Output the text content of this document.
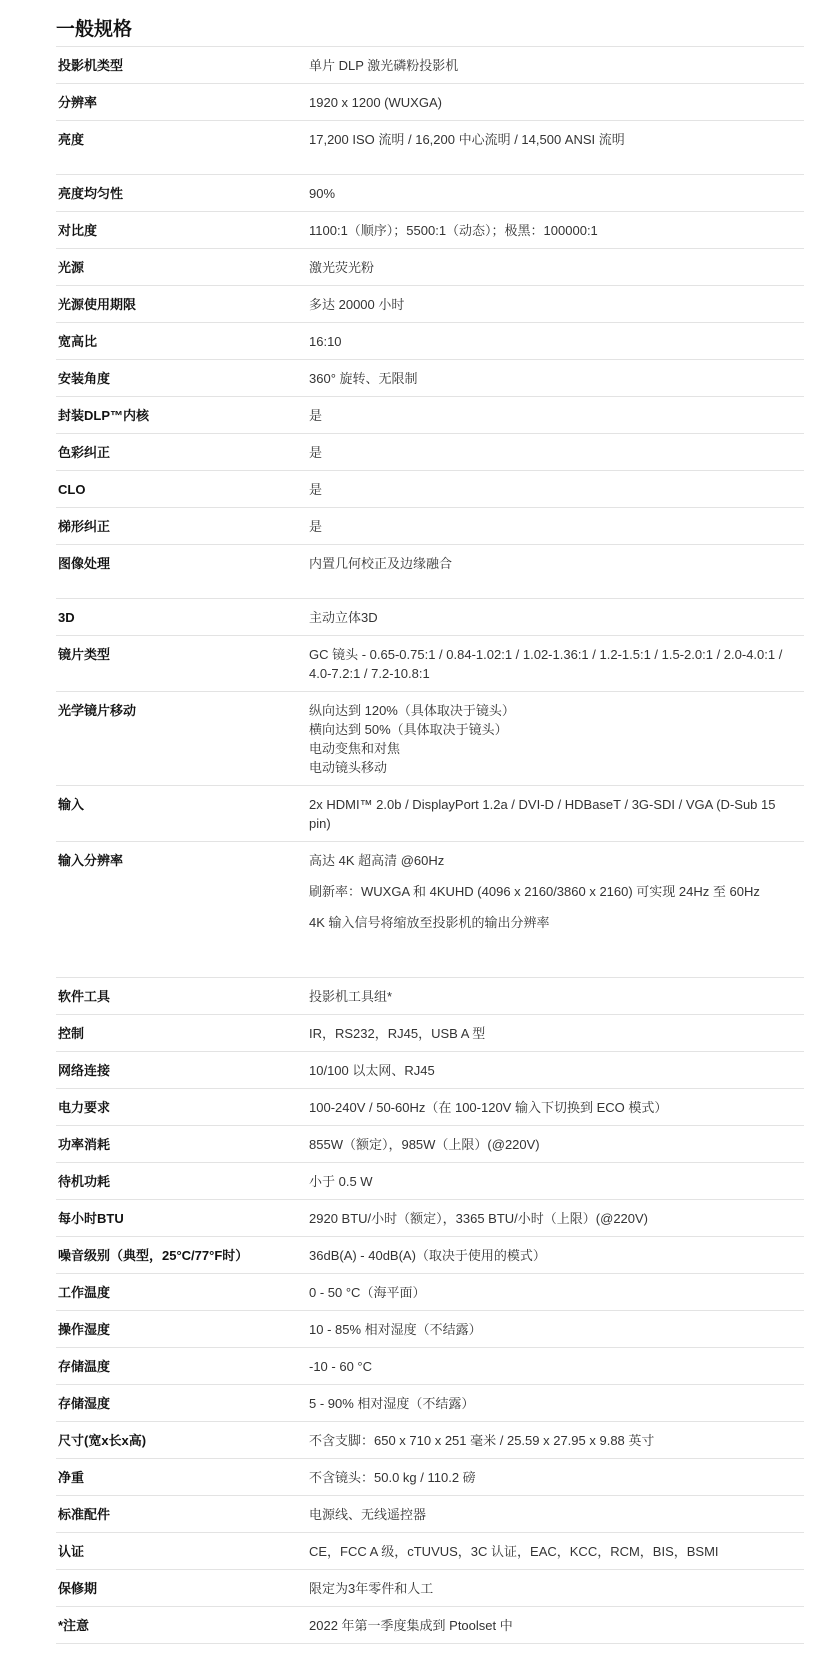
一般规格
投影机类型	单片 DLP 激光磷粉投影机
分辨率	1920 x 1200 (WUXGA)
亮度	17,200 ISO 流明 / 16,200 中心流明 / 14,500 ANSI 流明
亮度均匀性	90%
对比度	1100:1（顺序）；5500:1（动态）；极黑：100000:1
光源	激光荧光粉
光源使用期限	多达 20000 小时
宽高比	16:10
安装角度	360° 旋转、无限制
封装DLP™内核	是
色彩纠正	是
CLO	是
梯形纠正	是
图像处理	内置几何校正及边缘融合
3D	主动立体3D
镜片类型	GC 镜头 - 0.65-0.75:1 / 0.84-1.02:1 / 1.02-1.36:1 / 1.2-1.5:1 / 1.5-2.0:1 / 2.0-4.0:1 / 4.0-7.2:1 / 7.2-10.8:1
光学镜片移动	纵向达到 120%（具体取决于镜头）

横向达到 50%（具体取决于镜头）

电动变焦和对焦

电动镜头移动

输入	2x HDMI™ 2.0b / DisplayPort 1.2a / DVI-D / HDBaseT / 3G-SDI / VGA (D-Sub 15 pin)
输入分辨率	高达 4K 超高清 @60Hz

刷新率：WUXGA 和 4KUHD (4096 x 2160/3860 x 2160) 可实现 24Hz 至 60Hz

4K 输入信号将缩放至投影机的输出分辨率

软件工具	投影机工具组*
控制	IR，RS232，RJ45，USB A 型
网络连接	10/100 以太网、RJ45
电力要求	100-240V / 50-60Hz（在 100-120V 输入下切换到 ECO 模式）
功率消耗	855W（额定），985W（上限）(@220V)
待机功耗	小于 0.5 W
每小时BTU	2920 BTU/小时（额定），3365 BTU/小时（上限）(@220V)
噪音级别（典型，25°C/77°F时）	36dB(A) - 40dB(A)（取决于使用的模式）
工作温度	0 - 50 °C（海平面）
操作湿度	10 - 85% 相对湿度（不结露）
存储温度	-10 - 60 °C
存储湿度	5 - 90% 相对湿度（不结露）
尺寸(宽x长x高)	不含支脚：650 x 710 x 251 毫米 / 25.59 x 27.95 x 9.88 英寸
净重	不含镜头：50.0 kg / 110.2 磅
标准配件	电源线、无线遥控器
认证	CE，FCC A 级，cTUVUS，3C 认证，EAC，KCC，RCM，BIS，BSMI
保修期	限定为3年零件和人工
*注意	2022 年第一季度集成到 Ptoolset 中
